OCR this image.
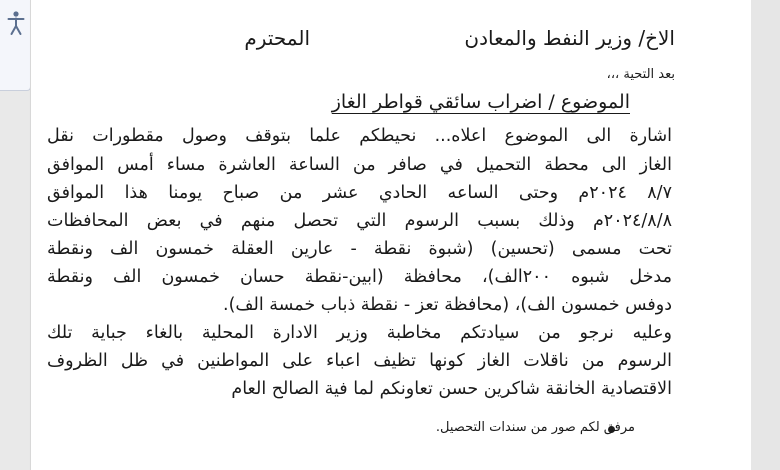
الاخ/ وزير النفط والمعادن
المحترم
بعد التحية ،،،
الموضوع / اضراب سائقي قواطر الغاز
اشارة الى الموضوع اعلاه... نحيطكم علما بتوقف وصول مقطورات نقل
الغاز الى محطة التحميل في صافر من الساعة العاشرة مساء أمس الموافق
٨/٧ ٢٠٢٤م وحتى الساعه الحادي عشر من صباح يومنا هذا الموافق
٢٠٢٤/٨/٨م وذلك بسبب الرسوم التي تحصل منهم في بعض المحافظات
تحت مسمى (تحسين) (شبوة نقطة - عارين العقلة خمسون الف ونقطة
مدخل شبوه ٢٠٠الف)، محافظة (ابين-نقطة حسان خمسون الف ونقطة
دوفس خمسون الف)، (محافظة تعز - نقطة ذباب خمسة الف).
وعليه نرجو من سيادتكم مخاطبة وزير الادارة المحلية بالغاء جباية تلك
الرسوم من ناقلات الغاز كونها تظيف اعباء على المواطنين في ظل الظروف
الاقتصادية الخانقة شاكرين حسن تعاونكم لما فية الصالح العام
مرفق لكم صور من سندات التحصيل.
